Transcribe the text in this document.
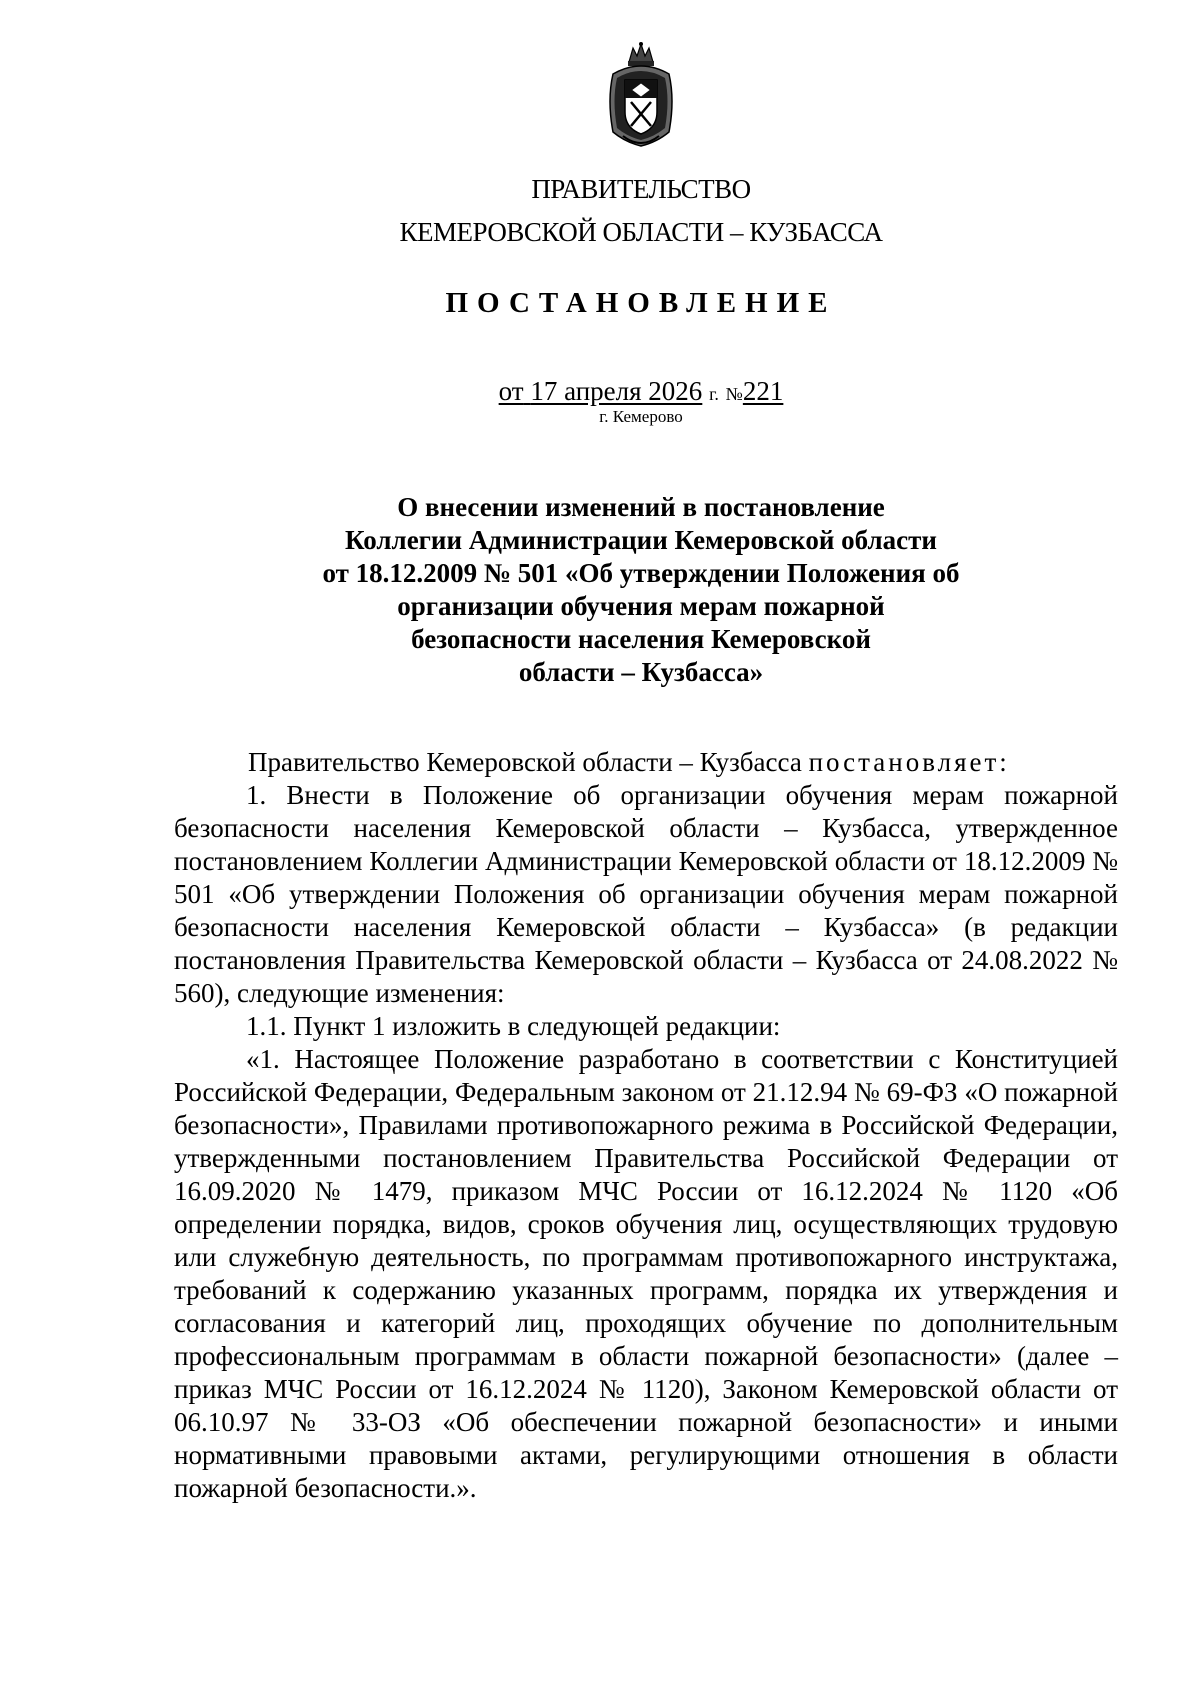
ПРАВИТЕЛЬСТВО
КЕМЕРОВСКОЙ ОБЛАСТИ – КУЗБАССА
ПОСТАНОВЛЕНИЕ
от 17 апреля 2026 г. №221
г. Кемерово
О внесении изменений в постановление
Коллегии Администрации Кемеровской области
от 18.12.2009 № 501 «Об утверждении Положения об
организации обучения мерам пожарной
безопасности населения Кемеровской
области – Кузбасса»

Правительство Кемеровской области – Кузбасса постановляет:

1. Внести в Положение об организации обучения мерам пожарной безопасности населения Кемеровской области – Кузбасса, утвержденное постановлением Коллегии Администрации Кемеровской области от 18.12.2009 № 501 «Об утверждении Положения об организации обучения мерам пожарной безопасности населения Кемеровской области – Кузбасса» (в редакции постановления Правительства Кемеровской области – Кузбасса от 24.08.2022 № 560), следующие изменения:

1.1. Пункт 1 изложить в следующей редакции:

«1. Настоящее Положение разработано в соответствии с Конституцией Российской Федерации, Федеральным законом от 21.12.94 № 69-ФЗ «О пожарной безопасности», Правилами противопожарного режима в Российской Федерации, утвержденными постановлением Правительства Российской Федерации от 16.09.2020 № 1479, приказом МЧС России от 16.12.2024 № 1120 «Об определении порядка, видов, сроков обучения лиц, осуществляющих трудовую или служебную деятельность, по программам противопожарного инструктажа, требований к содержанию указанных программ, порядка их утверждения и согласования и категорий лиц, проходящих обучение по дополнительным профессиональным программам в области пожарной безопасности» (далее – приказ МЧС России от 16.12.2024 № 1120), Законом Кемеровской области от 06.10.97 № 33-ОЗ «Об обеспечении пожарной безопасности» и иными нормативными правовыми актами, регулирующими отношения в области пожарной безопасности.».
